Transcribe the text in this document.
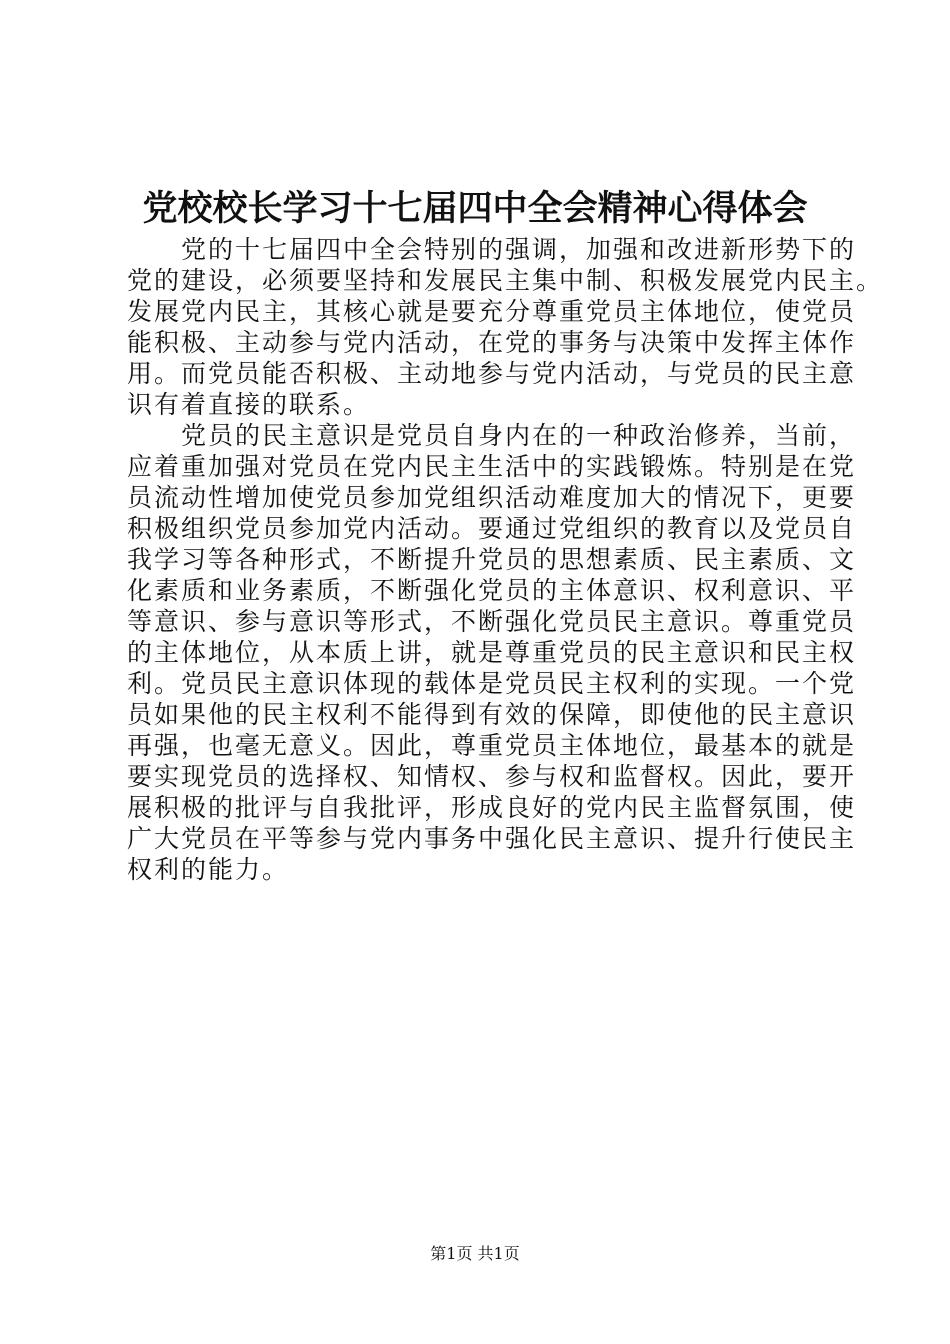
党校校长学习十七届四中全会精神心得体会
党的十七届四中全会特别的强调，加强和改进新形势下的
党的建设，必须要坚持和发展民主集中制、积极发展党内民主。
发展党内民主，其核心就是要充分尊重党员主体地位，使党员
能积极、主动参与党内活动，在党的事务与决策中发挥主体作
用。而党员能否积极、主动地参与党内活动，与党员的民主意
识有着直接的联系。
党员的民主意识是党员自身内在的一种政治修养，当前，
应着重加强对党员在党内民主生活中的实践锻炼。特别是在党
员流动性增加使党员参加党组织活动难度加大的情况下，更要
积极组织党员参加党内活动。要通过党组织的教育以及党员自
我学习等各种形式，不断提升党员的思想素质、民主素质、文
化素质和业务素质，不断强化党员的主体意识、权利意识、平
等意识、参与意识等形式，不断强化党员民主意识。尊重党员
的主体地位，从本质上讲，就是尊重党员的民主意识和民主权
利。党员民主意识体现的载体是党员民主权利的实现。一个党
员如果他的民主权利不能得到有效的保障，即使他的民主意识
再强，也毫无意义。因此，尊重党员主体地位，最基本的就是
要实现党员的选择权、知情权、参与权和监督权。因此，要开
展积极的批评与自我批评，形成良好的党内民主监督氛围，使
广大党员在平等参与党内事务中强化民主意识、提升行使民主
权利的能力。
第1页 共1页
